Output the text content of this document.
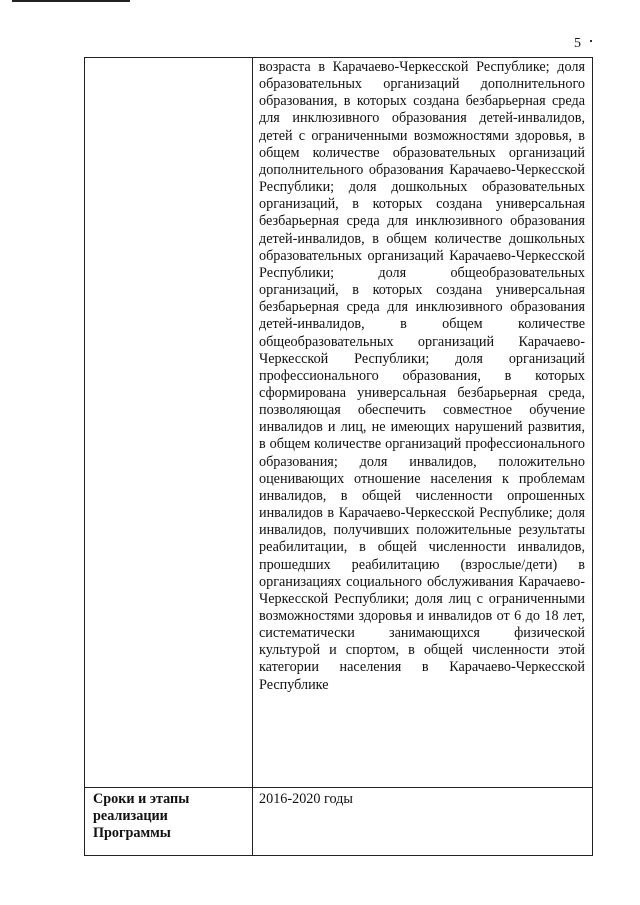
5

	возраста в Карачаево-Черкесской Республике; доля образовательных организаций дополнительного образования, в которых создана безбарьерная среда для инклюзивного образования детей-инвалидов, детей с ограниченными возможностями здоровья, в общем количестве образовательных организаций дополнительного образования Карачаево-Черкесской Республики; доля дошкольных образовательных организаций, в которых создана универсальная безбарьерная среда для инклюзивного образования детей-инвалидов, в общем количестве дошкольных образовательных организаций Карачаево-Черкесской Республики; доля общеобразовательных организаций, в которых создана универсальная безбарьерная среда для инклюзивного образования детей-инвалидов, в общем количестве общеобразовательных организаций Карачаево-Черкесской Республики; доля организаций профессионального образования, в которых сформирована универсальная безбарьерная среда, позволяющая обеспечить совместное обучение инвалидов и лиц, не имеющих нарушений развития, в общем количестве организаций профессионального образования; доля инвалидов, положительно оценивающих отношение населения к проблемам инвалидов, в общей численности опрошенных инвалидов в Карачаево-Черкесской Республике; доля инвалидов, получивших положительные результаты реабилитации, в общей численности инвалидов, прошедших реабилитацию (взрослые/дети) в организациях социального обслуживания Карачаево-Черкесской Республики; доля лиц с ограниченными возможностями здоровья и инвалидов от 6 до 18 лет, систематически занимающихся физической культурой и спортом, в общей численности этой категории населения в Карачаево-Черкесской Республике

Сроки и этапы реализации Программы	2016-2020 годы
